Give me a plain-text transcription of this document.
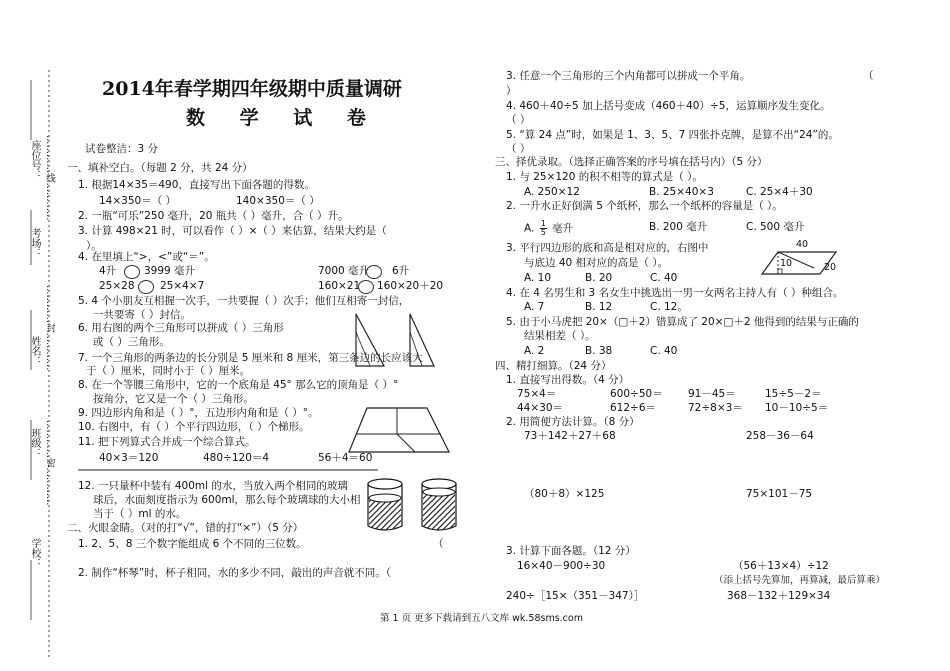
座位号： …………线…………
考场：
…………封…………
姓名：
班级： …………密…………
学校：
2014年春学期四年级期中质量调研
数 学 试 卷
试卷整洁：3 分
一、填补空白。（每题 2 分，共 24 分）
1. 根据14×35＝490，直接写出下面各题的得数。
14×350＝（ ）	140×350＝（ ）
2. 一瓶“可乐”250 毫升，20 瓶共（ ）毫升，合（ ）升。
3. 计算 498×21 时，可以看作（ ）×（ ）来估算，结果大约是（
）。
4. 在里填上“>，<”或“＝”。
4升	3999 毫升	7000 毫升 6升
25×28 25×4×7	160×21 160×20＋20
5. 4 个小朋友互相握一次手，一共要握（ ）次手；他们互相寄一封信，
一共要寄（ ）封信。
6. 用右图的两个三角形可以拼成（ ）三角形
或（ ）三角形。
7. 一个三角形的两条边的长分别是 5 厘米和 8 厘米，第三条边的长应该大
于（ ）厘米，同时小于（ ）厘米。
8. 在一个等腰三角形中，它的一个底角是 45° 那么它的顶角是（ ）°
按角分，它又是一个（ ）三角形。
9. 四边形内角和是（ ）°，五边形内角和是（ ）°。
10. 右图中，有（ ）个平行四边形，（ ）个梯形。
11. 把下列算式合并成一个综合算式。
40×3＝120	480÷120＝4	56＋4＝60
12. 一只量杯中装有 400ml 的水，当放入两个相同的玻璃
球后，水面刻度指示为 600ml，那么每个玻璃球的大小相
当于（ ）ml 的水。
二、火眼金睛。（对的打“√”，错的打“×”）（5 分）
1. 2、5、8 三个数字能组成 6 个不同的三位数。	（
2. 制作“杯琴”时，杯子相同，水的多少不同，敲出的声音就不同。（
3. 任意一个三角形的三个内角都可以拼成一个平角。	（
）
4. 460＋40÷5 加上括号变成（460＋40）÷5，运算顺序发生变化。
（ ）
5. “算 24 点”时，如果是 1、3、5、7 四张扑克牌，是算不出“24”的。
（ ）
三、择优录取。（选择正确答案的序号填在括号内）（5 分）
1. 与 25×120 的积不相等的算式是（ ）。
A. 250×12	B. 25×40×3	C. 25×4＋30
2. 一升水正好倒满 5 个纸杯，那么一个纸杯的容量是（ ）。
A. $\frac{1}{5}$ 毫升	B. 200 毫升	C. 500 毫升
3. 平行四边形的底和高是相对应的，右图中
与底边 40 相对应的高是（ ）。
A. 10	B. 20	C. 40
40
10	20
4. 在 4 名男生和 3 名女生中挑选出一男一女两名主持人有（ ）种组合。
A. 7	B. 12	C. 12。
5. 由于小马虎把 20×（□＋2）错算成了 20×□＋2 他得到的结果与正确的
结果相差（ ）。
A. 2	B. 38	C. 40
四、精打细算。（24 分）
1. 直接写出得数。（4 分）
75×4＝	600÷50＝ 91－45＝	15÷5－2＝
44×30＝	612÷6＝	72÷8×3＝ 10－10÷5＝
2. 用简便方法计算。（8 分）
73＋142＋27＋68	258－36－64
（80＋8）×125	75×101－75
3. 计算下面各题。（12 分）
16×40－900÷30	（56＋13×4）÷12
（添上括号先算加，再算减，最后算乘）
240÷［15×（351－347）］	368－132＋129×34
第 1 页 更多下载请到五八文库 wk.58sms.com
